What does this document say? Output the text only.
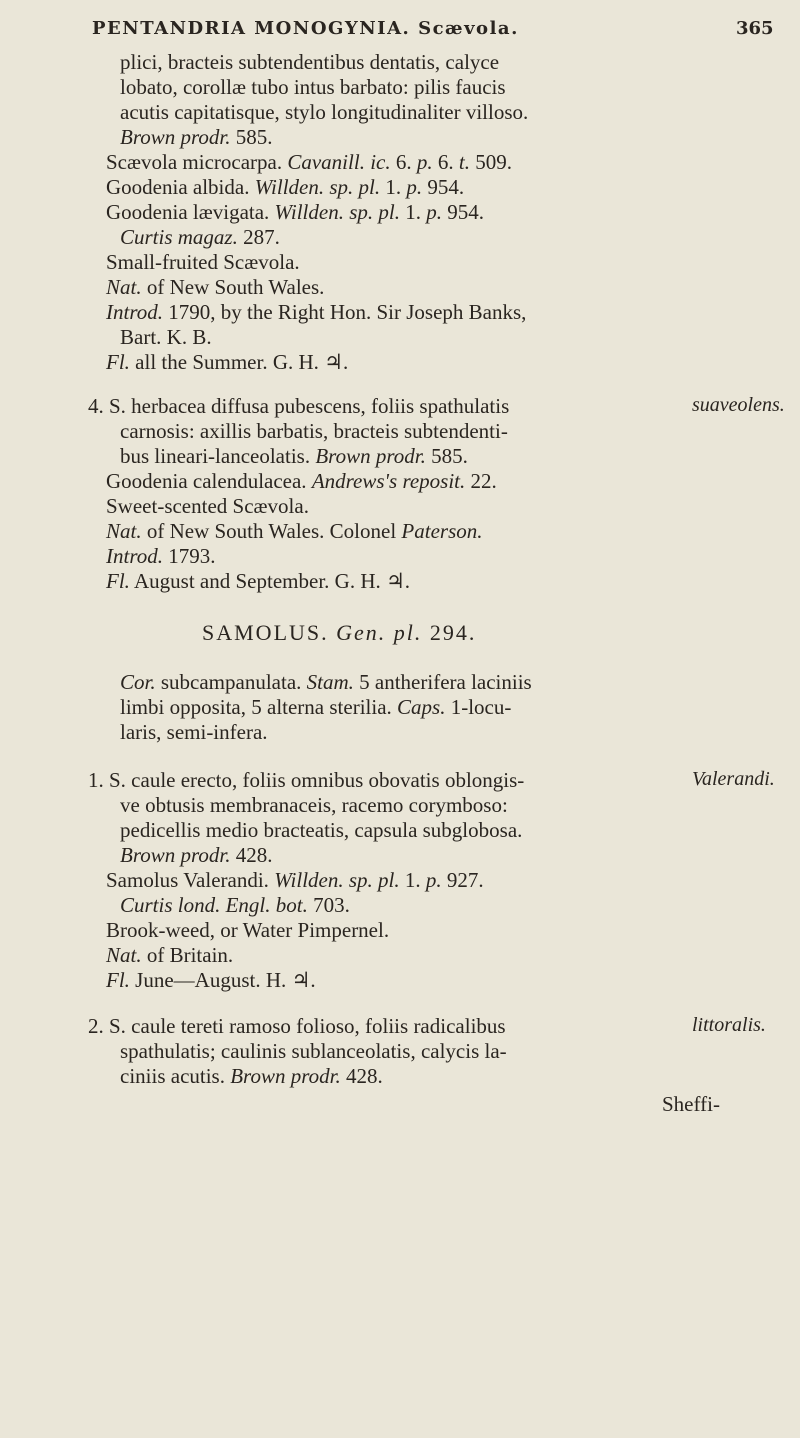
PENTANDRIA MONOGYNIA. Scævola.	365
plici, bracteis subtendentibus dentatis, calyce
lobato, corollæ tubo intus barbato: pilis faucis
acutis capitatisque, stylo longitudinaliter villoso.
Brown prodr. 585.
Scævola microcarpa. Cavanill. ic. 6. p. 6. t. 509.
Goodenia albida. Willden. sp. pl. 1. p. 954.
Goodenia lævigata. Willden. sp. pl. 1. p. 954.
Curtis magaz. 287.
Small-fruited Scævola.
Nat. of New South Wales.
Introd. 1790, by the Right Hon. Sir Joseph Banks,
Bart. K. B.
Fl. all the Summer. G. H. ♃.
4. S. herbacea diffusa pubescens, foliis spathulatis
carnosis: axillis barbatis, bracteis subtendenti-
bus lineari-lanceolatis. Brown prodr. 585.
Goodenia calendulacea. Andrews's reposit. 22.
Sweet-scented Scævola.
Nat. of New South Wales. Colonel Paterson.
Introd. 1793.
Fl. August and September. G. H. ♃.
SAMOLUS. Gen. pl. 294.
Cor. subcampanulata. Stam. 5 antherifera laciniis
limbi opposita, 5 alterna sterilia. Caps. 1-locu-
laris, semi-infera.
1. S. caule erecto, foliis omnibus obovatis oblongis-
ve obtusis membranaceis, racemo corymboso:
pedicellis medio bracteatis, capsula subglobosa.
Brown prodr. 428.
Samolus Valerandi. Willden. sp. pl. 1. p. 927.
Curtis lond. Engl. bot. 703.
Brook-weed, or Water Pimpernel.
Nat. of Britain.
Fl. June—August. H. ♃.
2. S. caule tereti ramoso folioso, foliis radicalibus
spathulatis; caulinis sublanceolatis, calycis la-
ciniis acutis. Brown prodr. 428.
suaveolens.
Valerandi.
littoralis.
Sheffi-
